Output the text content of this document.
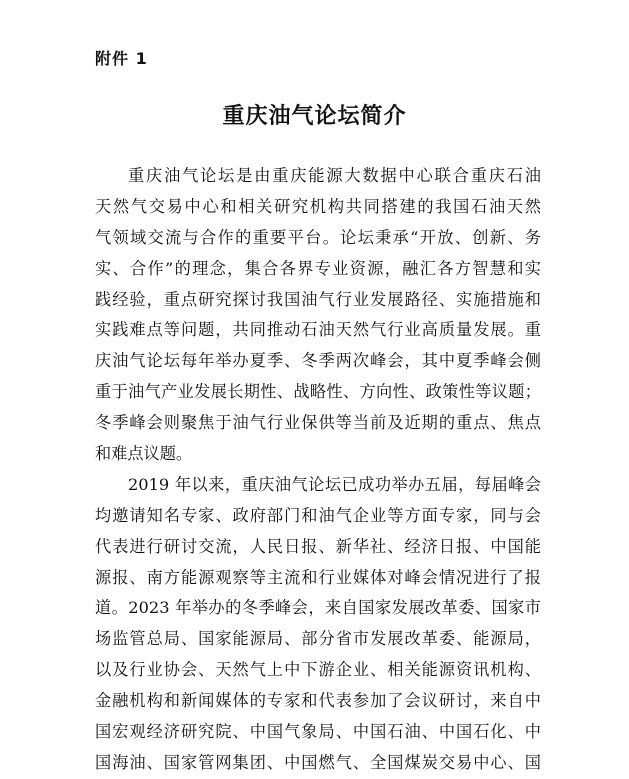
附件 1
重庆油气论坛简介
重庆油气论坛是由重庆能源大数据中心联合重庆石油
天然气交易中心和相关研究机构共同搭建的我国石油天然
气领域交流与合作的重要平台。论坛秉承“开放、创新、务
实、合作”的理念，集合各界专业资源，融汇各方智慧和实
践经验，重点研究探讨我国油气行业发展路径、实施措施和
实践难点等问题，共同推动石油天然气行业高质量发展。重
庆油气论坛每年举办夏季、冬季两次峰会，其中夏季峰会侧
重于油气产业发展长期性、战略性、方向性、政策性等议题；
冬季峰会则聚焦于油气行业保供等当前及近期的重点、焦点
和难点议题。
2019 年以来，重庆油气论坛已成功举办五届，每届峰会
均邀请知名专家、政府部门和油气企业等方面专家，同与会
代表进行研讨交流，人民日报、新华社、经济日报、中国能
源报、南方能源观察等主流和行业媒体对峰会情况进行了报
道。2023 年举办的冬季峰会，来自国家发展改革委、国家市
场监管总局、国家能源局、部分省市发展改革委、能源局，
以及行业协会、天然气上中下游企业、相关能源资讯机构、
金融机构和新闻媒体的专家和代表参加了会议研讨，来自中
国宏观经济研究院、中国气象局、中国石油、中国石化、中
国海油、国家管网集团、中国燃气、全国煤炭交易中心、国
